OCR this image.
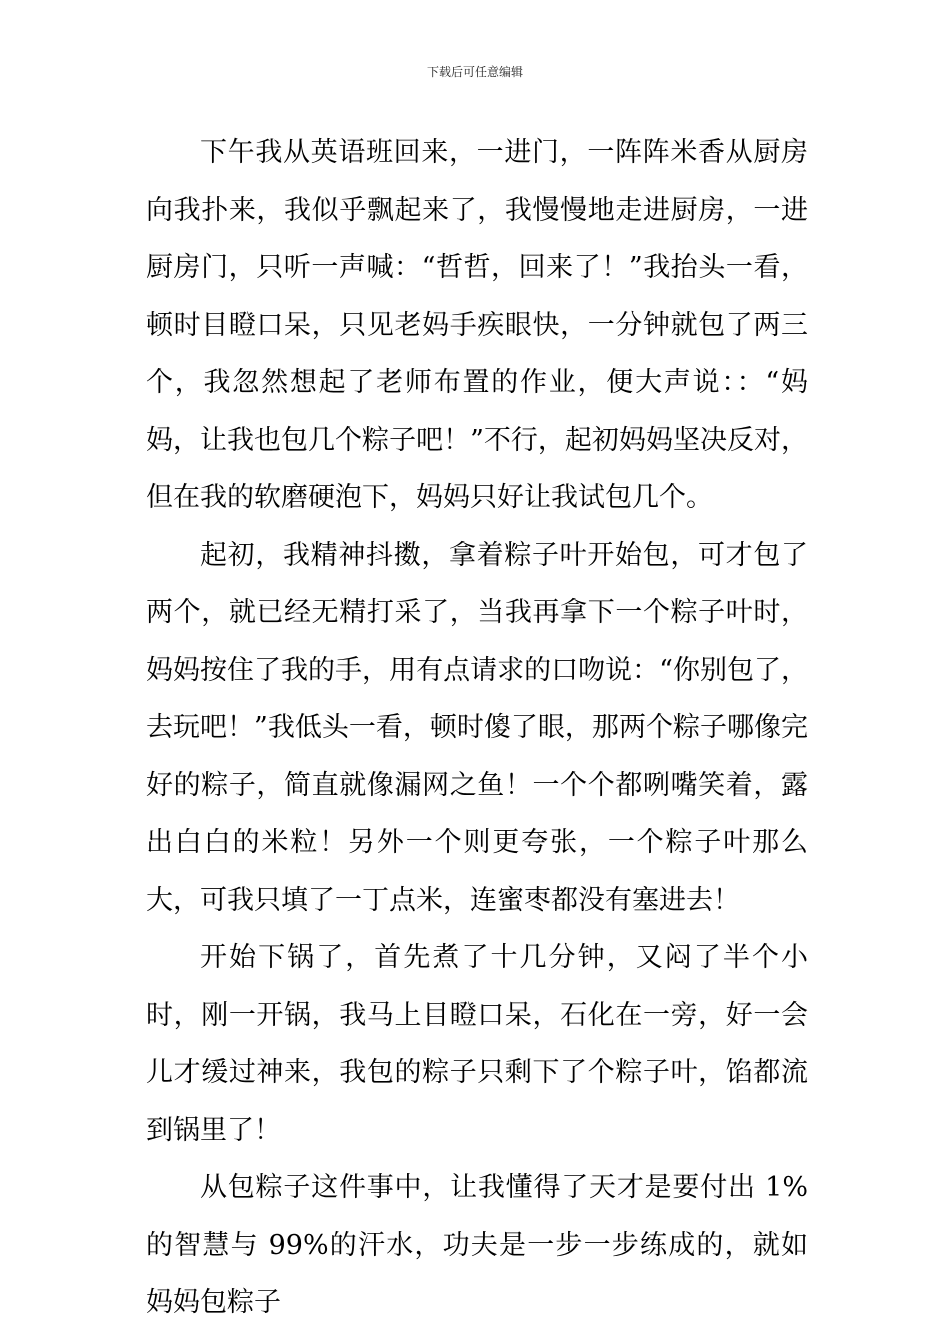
下载后可任意编辑

下午我从英语班回来，一进门，一阵阵米香从厨房向我扑来，我似乎飘起来了，我慢慢地走进厨房，一进厨房门，只听一声喊：“哲哲，回来了！”我抬头一看，顿时目瞪口呆，只见老妈手疾眼快，一分钟就包了两三个，我忽然想起了老师布置的作业，便大声说：：“妈妈，让我也包几个粽子吧！”不行，起初妈妈坚决反对，但在我的软磨硬泡下，妈妈只好让我试包几个。

起初，我精神抖擞，拿着粽子叶开始包，可才包了两个，就已经无精打采了，当我再拿下一个粽子叶时，妈妈按住了我的手，用有点请求的口吻说：“你别包了，去玩吧！”我低头一看，顿时傻了眼，那两个粽子哪像完好的粽子，简直就像漏网之鱼！一个个都咧嘴笑着，露出白白的米粒！另外一个则更夸张，一个粽子叶那么大，可我只填了一丁点米，连蜜枣都没有塞进去！

开始下锅了，首先煮了十几分钟，又闷了半个小时，刚一开锅，我马上目瞪口呆，石化在一旁，好一会儿才缓过神来，我包的粽子只剩下了个粽子叶，馅都流到锅里了！

从包粽子这件事中，让我懂得了天才是要付出 1%的智慧与 99%的汗水，功夫是一步一步练成的，就如妈妈包粽子
